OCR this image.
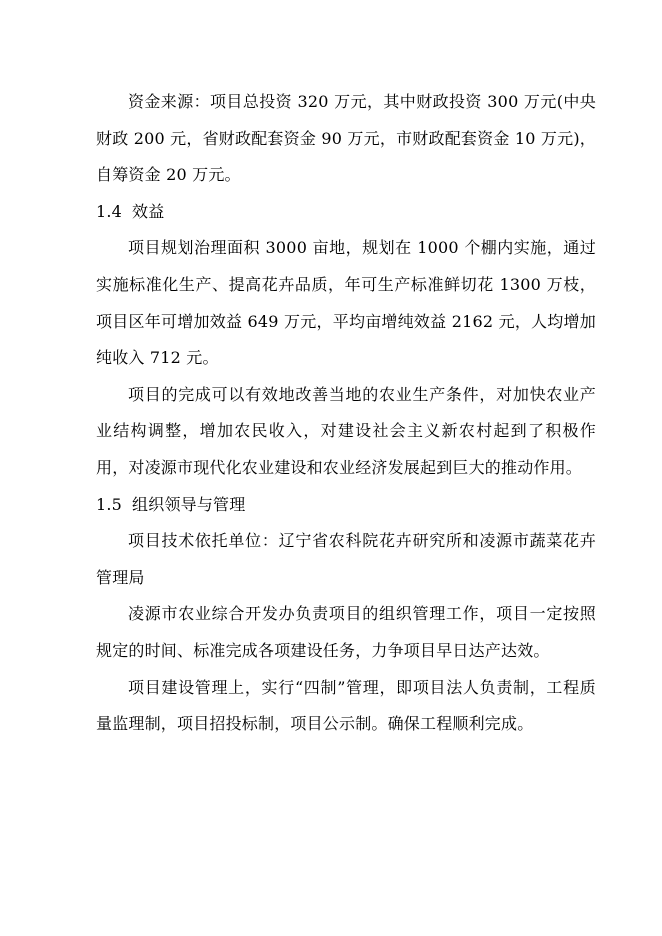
资金来源：项目总投资 320 万元，其中财政投资 300 万元(中央财政 200 元，省财政配套资金 90 万元，市财政配套资金 10 万元)，自筹资金 20 万元。

1.4 效益

项目规划治理面积 3000 亩地，规划在 1000 个棚内实施，通过实施标准化生产、提高花卉品质，年可生产标准鲜切花 1300 万枝，项目区年可增加效益 649 万元，平均亩增纯效益 2162 元，人均增加纯收入 712 元。

项目的完成可以有效地改善当地的农业生产条件，对加快农业产业结构调整，增加农民收入，对建设社会主义新农村起到了积极作用，对凌源市现代化农业建设和农业经济发展起到巨大的推动作用。

1.5 组织领导与管理

项目技术依托单位：辽宁省农科院花卉研究所和凌源市蔬菜花卉管理局

凌源市农业综合开发办负责项目的组织管理工作，项目一定按照规定的时间、标准完成各项建设任务，力争项目早日达产达效。

项目建设管理上，实行“四制”管理，即项目法人负责制，工程质量监理制，项目招投标制，项目公示制。确保工程顺利完成。
